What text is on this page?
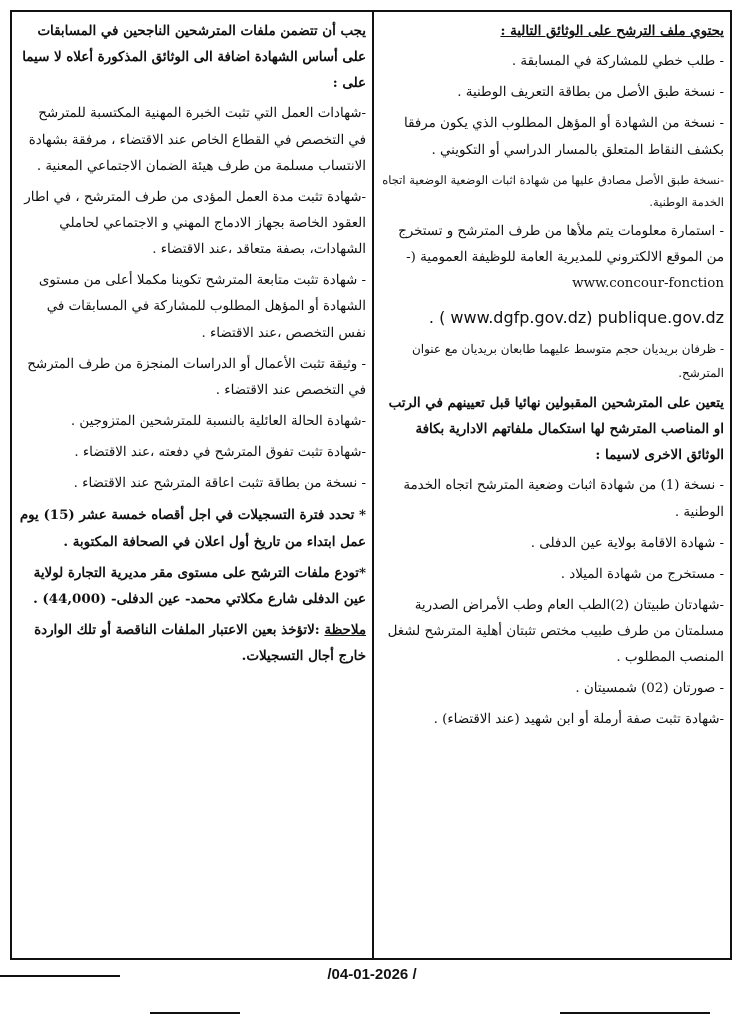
يحتوي ملف الترشح على الوثائق التالية :

- طلب خطي للمشاركة في المسابقة .

- نسخة طبق الأصل من بطاقة التعريف الوطنية .

- نسخة من الشهادة أو المؤهل المطلوب الذي يكون مرفقا بكشف النقاط المتعلق بالمسار الدراسي أو التكويني .

-نسخة طبق الأصل مصادق عليها من شهادة اثبات الوضعية الوضعية اتجاه الخدمة الوطنية.

- استمارة معلومات يتم ملأها من طرف المترشح و تستخرج من الموقع الالكتروني للمديرية العامة للوظيفة العمومية (-www.concour-fonction

. ( www.dgfp.gov.dz) publique.gov.dz

- ظرفان بريديان حجم متوسط عليهما طابعان بريديان مع عنوان المترشح.

يتعين على المترشحين المقبولين نهائيا قبل تعيينهم في الرتب او المناصب المترشح لها استكمال ملفاتهم الادارية بكافة الوثائق الاخرى لاسيما :

- نسخة (1) من شهادة اثبات وضعية المترشح اتجاه الخدمة الوطنية .

- شهادة الاقامة بولاية عين الدفلى .

- مستخرج من شهادة الميلاد .

-شهادتان طبيتان (2)الطب العام وطب الأمراض الصدرية مسلمتان من طرف طبيب مختص تثبتان أهلية المترشح لشغل المنصب المطلوب .

- صورتان (02) شمسيتان .

-شهادة تثبت صفة أرملة أو ابن شهيد (عند الاقتضاء) .

يجب أن تتضمن ملفات المترشحين الناجحين في المسابقات على أساس الشهادة اضافة الى الوثائق المذكورة أعلاه لا سيما على :

-شهادات العمل التي تثبت الخبرة المهنية المكتسبة للمترشح في التخصص في القطاع الخاص عند الاقتضاء ، مرفقة بشهادة الانتساب مسلمة من طرف هيئة الضمان الاجتماعي المعنية .

-شهادة تثبت مدة العمل المؤدى من طرف المترشح ، في اطار العقود الخاصة بجهاز الادماج المهني و الاجتماعي لحاملي الشهادات، بصفة متعاقد ،عند الاقتضاء .

- شهادة تثبت متابعة المترشح تكوينا مكملا أعلى من مستوى الشهادة أو المؤهل المطلوب للمشاركة في المسابقات في نفس التخصص ،عند الاقتضاء .

- وثيقة تثبت الأعمال أو الدراسات المنجزة من طرف المترشح في التخصص عند الاقتضاء .

-شهادة الحالة العائلية بالنسبة للمترشحين المتزوجين .

-شهادة تثبت تفوق المترشح في دفعته ،عند الاقتضاء .

- نسخة من بطاقة تثبت اعاقة المترشح عند الاقتضاء .

* تحدد فترة التسجيلات في اجل أقصاه خمسة عشر (15) يوم عمل ابتداء من تاريخ أول اعلان في الصحافة المكتوبة .

*تودع ملفات الترشح على مستوى مقر مديرية التجارة لولاية عين الدفلى شارع مكلاتي محمد- عين الدفلى- (44,000) .

ملاحظة :لاتؤخذ بعين الاعتبار الملفات الناقصة أو تلك الواردة خارج أجال التسجيلات.

/04-01-2026 /
